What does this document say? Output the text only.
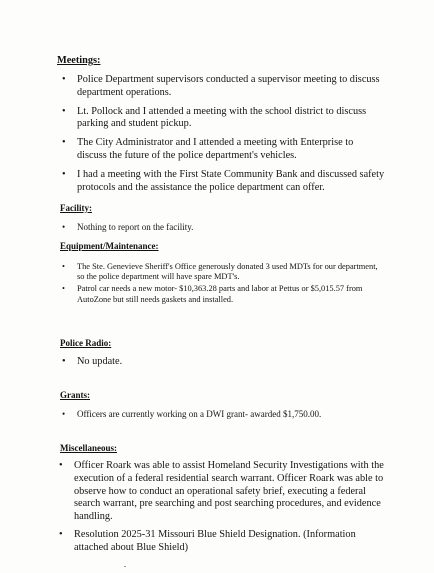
Meetings:
• Police Department supervisors conducted a supervisor meeting to discuss department operations.
• Lt. Pollock and I attended a meeting with the school district to discuss parking and student pickup.
• The City Administrator and I attended a meeting with Enterprise to discuss the future of the police department's vehicles.
• I had a meeting with the First State Community Bank and discussed safety protocols and the assistance the police department can offer.
Facility:
• Nothing to report on the facility.
Equipment/Maintenance:
• The Ste. Genevieve Sheriff's Office generously donated 3 used MDTs for our department, so the police department will have spare MDT's.
• Patrol car needs a new motor- $10,363.28 parts and labor at Pettus or $5,015.57 from AutoZone but still needs gaskets and installed.
Police Radio:
• No update.
Grants:
• Officers are currently working on a DWI grant- awarded $1,750.00.
Miscellaneous:
• Officer Roark was able to assist Homeland Security Investigations with the execution of a federal residential search warrant. Officer Roark was able to observe how to conduct an operational safety brief, executing a federal search warrant, pre searching and post searching procedures, and evidence handling.
• Resolution 2025-31 Missouri Blue Shield Designation. (Information attached about Blue Shield)
